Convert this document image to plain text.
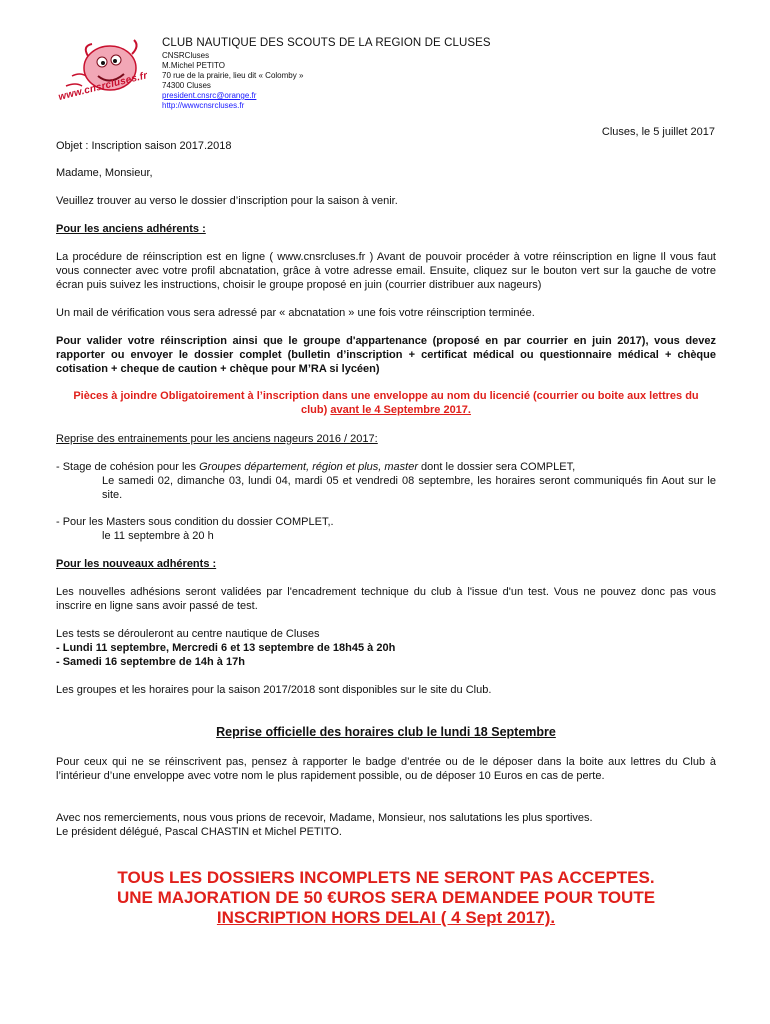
www.cnsrcluses.fr
CLUB NAUTIQUE DES SCOUTS DE LA REGION DE CLUSES
CNSRCluses
M.Michel PETITO
70 rue de la prairie, lieu dit « Colomby »
74300 Cluses
president.cnsrc@orange.fr
http://wwwcnsrcluses.fr
Cluses, le 5 juillet 2017
Objet : Inscription saison 2017.2018
Madame, Monsieur,
Veuillez trouver au verso le dossier d’inscription pour la saison à venir.
Pour les anciens adhérents :
La procédure de réinscription est en ligne ( www.cnsrcluses.fr ) Avant de pouvoir procéder à votre réinscription en ligne Il vous faut vous connecter avec votre profil abcnatation, grâce à votre adresse email. Ensuite, cliquez sur le bouton vert sur la gauche de votre écran puis suivez les instructions, choisir le groupe proposé en juin (courrier distribuer aux nageurs)
Un mail de vérification vous sera adressé par « abcnatation » une fois votre réinscription terminée.
Pour valider votre réinscription ainsi que le groupe d'appartenance (proposé en par courrier en juin 2017), vous devez rapporter ou envoyer le dossier complet (bulletin d’inscription + certificat médical ou questionnaire médical + chèque cotisation + cheque de caution + chèque pour M’RA si lycéen)
Pièces à joindre Obligatoirement à l’inscription dans une enveloppe au nom du licencié (courrier ou boite aux lettres du club) avant le 4 Septembre 2017.
Reprise des entrainements pour les anciens nageurs 2016 / 2017:
- Stage de cohésion pour les Groupes département, région et plus, master dont le dossier sera COMPLET,
Le samedi 02, dimanche 03, lundi 04, mardi 05 et vendredi 08 septembre, les horaires seront communiqués fin Aout sur le site.
- Pour les Masters sous condition du dossier COMPLET,.
le 11 septembre à 20 h
Pour les nouveaux adhérents :
Les nouvelles adhésions seront validées par l'encadrement technique du club à l'issue d'un test. Vous ne pouvez donc pas vous inscrire en ligne sans avoir passé de test.
Les tests se dérouleront au centre nautique de Cluses
- Lundi 11 septembre, Mercredi 6 et 13 septembre de 18h45 à 20h
- Samedi 16 septembre de 14h à 17h
Les groupes et les horaires pour la saison 2017/2018 sont disponibles sur le site du Club.
Reprise officielle des horaires club le lundi 18 Septembre
Pour ceux qui ne se réinscrivent pas, pensez à rapporter le badge d’entrée ou de le déposer dans la boite aux lettres du Club à l’intérieur d’une enveloppe avec votre nom le plus rapidement possible, ou de déposer 10 Euros en cas de perte.
Avec nos remerciements, nous vous prions de recevoir, Madame, Monsieur, nos salutations les plus sportives.
Le président délégué, Pascal CHASTIN et Michel PETITO.
TOUS LES DOSSIERS INCOMPLETS NE SERONT PAS ACCEPTES.
UNE MAJORATION DE 50 €UROS SERA DEMANDEE POUR TOUTE
INSCRIPTION HORS DELAI ( 4 Sept 2017).
